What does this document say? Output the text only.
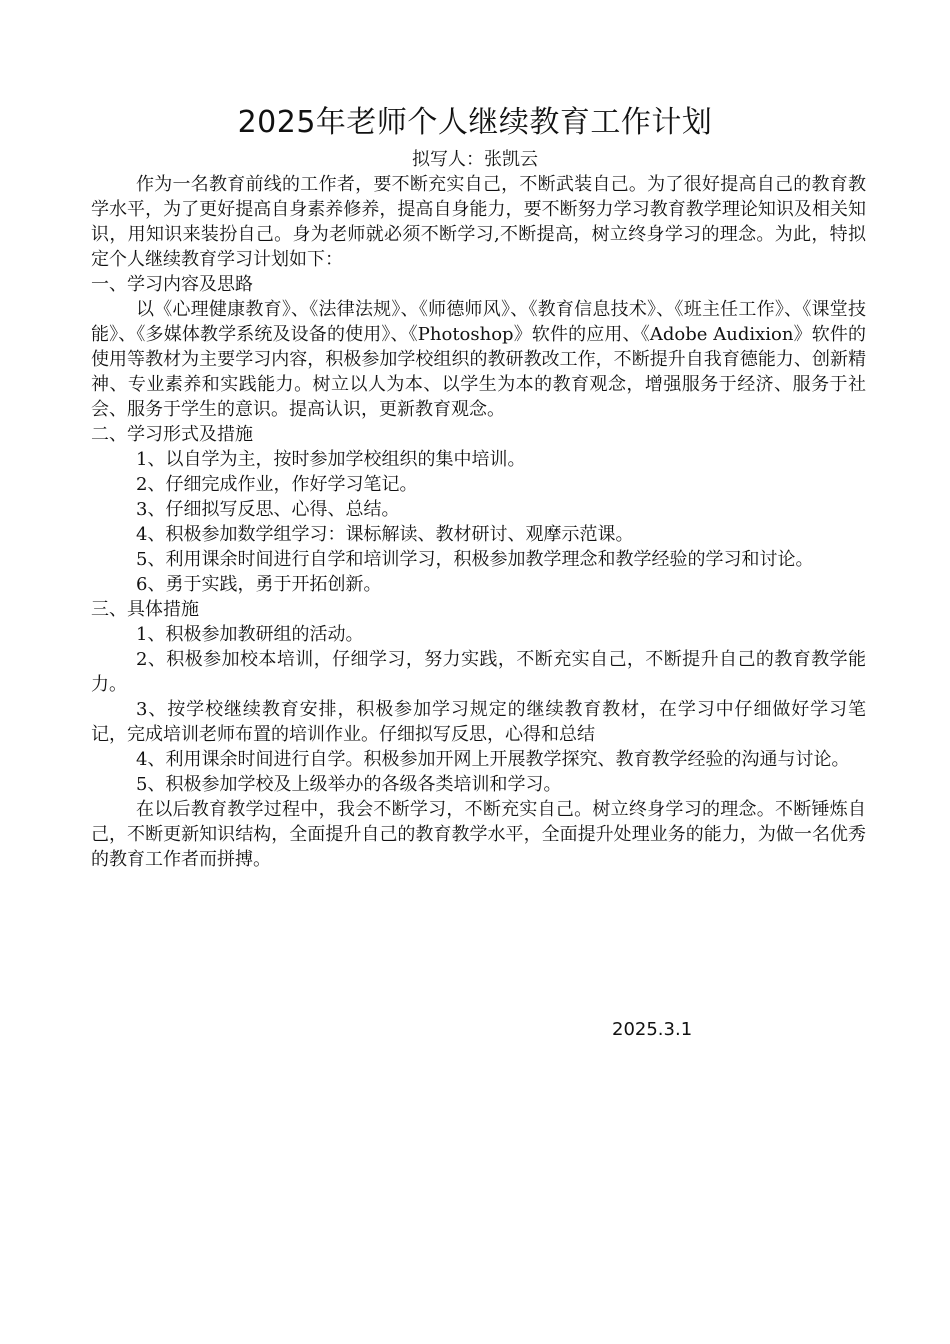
2025年老师个人继续教育工作计划
拟写人：张凯云

作为一名教育前线的工作者，要不断充实自己，不断武装自己。为了很好提高自己的教育教学水平，为了更好提高自身素养修养，提高自身能力，要不断努力学习教育教学理论知识及相关知识，用知识来装扮自己。身为老师就必须不断学习,不断提高，树立终身学习的理念。为此，特拟定个人继续教育学习计划如下：

一、学习内容及思路

以《心理健康教育》、《法律法规》、《师德师风》、《教育信息技术》、《班主任工作》、《课堂技能》、《多媒体教学系统及设备的使用》、《Photoshop》软件的应用、《Adobe Audixion》软件的使用等教材为主要学习内容，积极参加学校组织的教研教改工作，不断提升自我育德能力、创新精神、专业素养和实践能力。树立以人为本、以学生为本的教育观念，增强服务于经济、服务于社会、服务于学生的意识。提高认识，更新教育观念。

二、学习形式及措施

1、以自学为主，按时参加学校组织的集中培训。

2、仔细完成作业，作好学习笔记。

3、仔细拟写反思、心得、总结。

4、积极参加数学组学习：课标解读、教材研讨、观摩示范课。

5、利用课余时间进行自学和培训学习，积极参加教学理念和教学经验的学习和讨论。

6、勇于实践，勇于开拓创新。

三、具体措施

1、积极参加教研组的活动。

2、积极参加校本培训，仔细学习，努力实践，不断充实自己，不断提升自己的教育教学能力。

3、按学校继续教育安排，积极参加学习规定的继续教育教材，在学习中仔细做好学习笔记，完成培训老师布置的培训作业。仔细拟写反思，心得和总结

4、利用课余时间进行自学。积极参加开网上开展教学探究、教育教学经验的沟通与讨论。

5、积极参加学校及上级举办的各级各类培训和学习。

在以后教育教学过程中，我会不断学习，不断充实自己。树立终身学习的理念。不断锤炼自己，不断更新知识结构，全面提升自己的教育教学水平，全面提升处理业务的能力，为做一名优秀的教育工作者而拼搏。

2025.3.1
